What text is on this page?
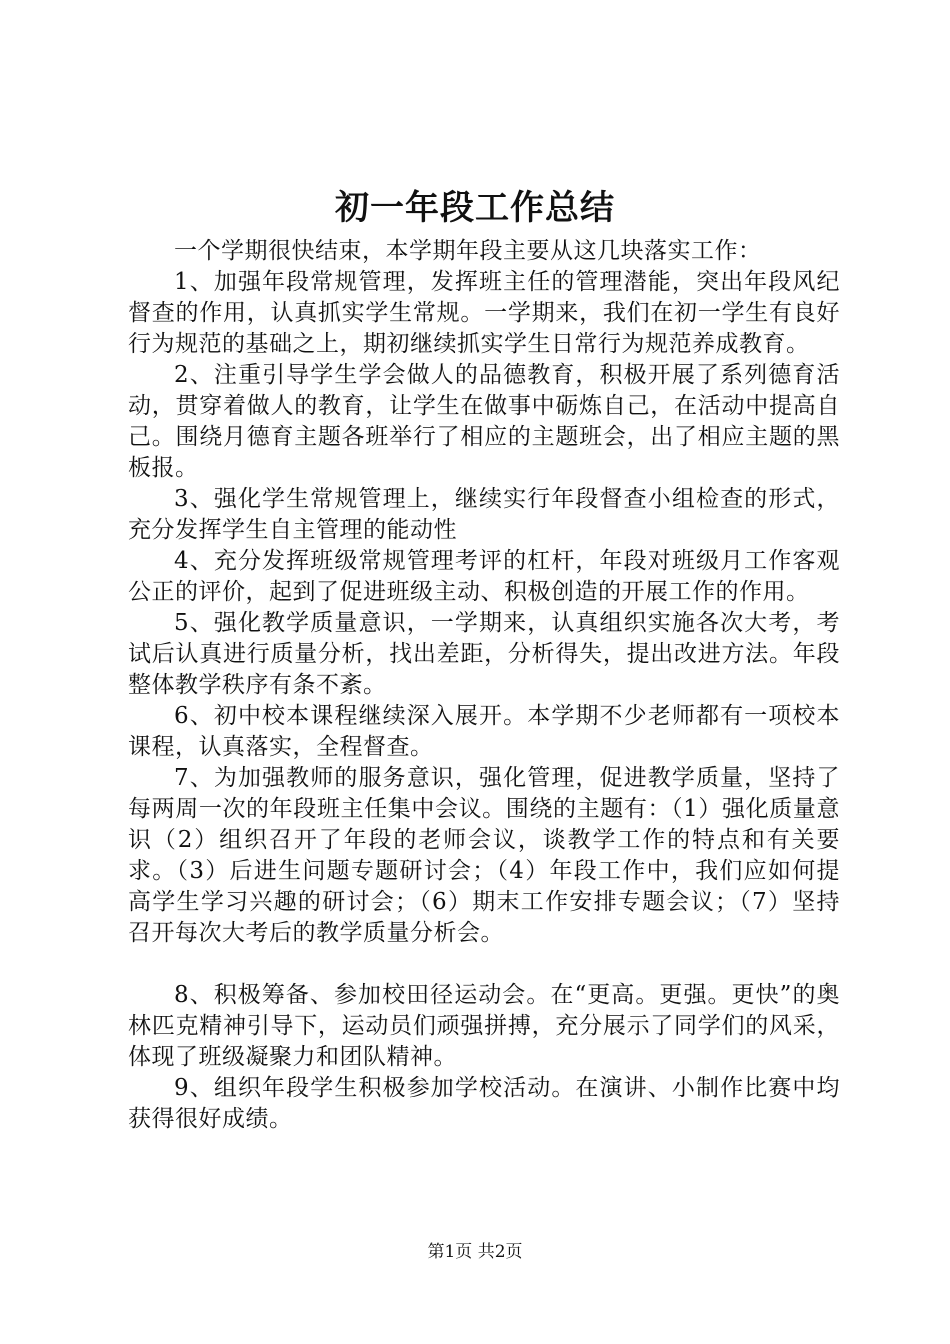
初一年段工作总结

一个学期很快结束，本学期年段主要从这几块落实工作：

1、加强年段常规管理，发挥班主任的管理潜能，突出年段风纪督查的作用，认真抓实学生常规。一学期来，我们在初一学生有良好行为规范的基础之上，期初继续抓实学生日常行为规范养成教育。

2、注重引导学生学会做人的品德教育，积极开展了系列德育活动，贯穿着做人的教育，让学生在做事中砺炼自己，在活动中提高自己。围绕月德育主题各班举行了相应的主题班会，出了相应主题的黑板报。

3、强化学生常规管理上，继续实行年段督查小组检查的形式，充分发挥学生自主管理的能动性

4、充分发挥班级常规管理考评的杠杆，年段对班级月工作客观公正的评价，起到了促进班级主动、积极创造的开展工作的作用。

5、强化教学质量意识，一学期来，认真组织实施各次大考，考试后认真进行质量分析，找出差距，分析得失，提出改进方法。年段整体教学秩序有条不紊。

6、初中校本课程继续深入展开。本学期不少老师都有一项校本课程，认真落实，全程督查。

7、为加强教师的服务意识，强化管理，促进教学质量，坚持了每两周一次的年段班主任集中会议。围绕的主题有：（1）强化质量意识（2）组织召开了年段的老师会议，谈教学工作的特点和有关要求。（3）后进生问题专题研讨会；（4）年段工作中，我们应如何提高学生学习兴趣的研讨会；（6）期末工作安排专题会议；（7）坚持召开每次大考后的教学质量分析会。

8、积极筹备、参加校田径运动会。在“更高。更强。更快”的奥林匹克精神引导下，运动员们顽强拼搏，充分展示了同学们的风采，体现了班级凝聚力和团队精神。

9、组织年段学生积极参加学校活动。在演讲、小制作比赛中均获得很好成绩。

第1页 共2页
